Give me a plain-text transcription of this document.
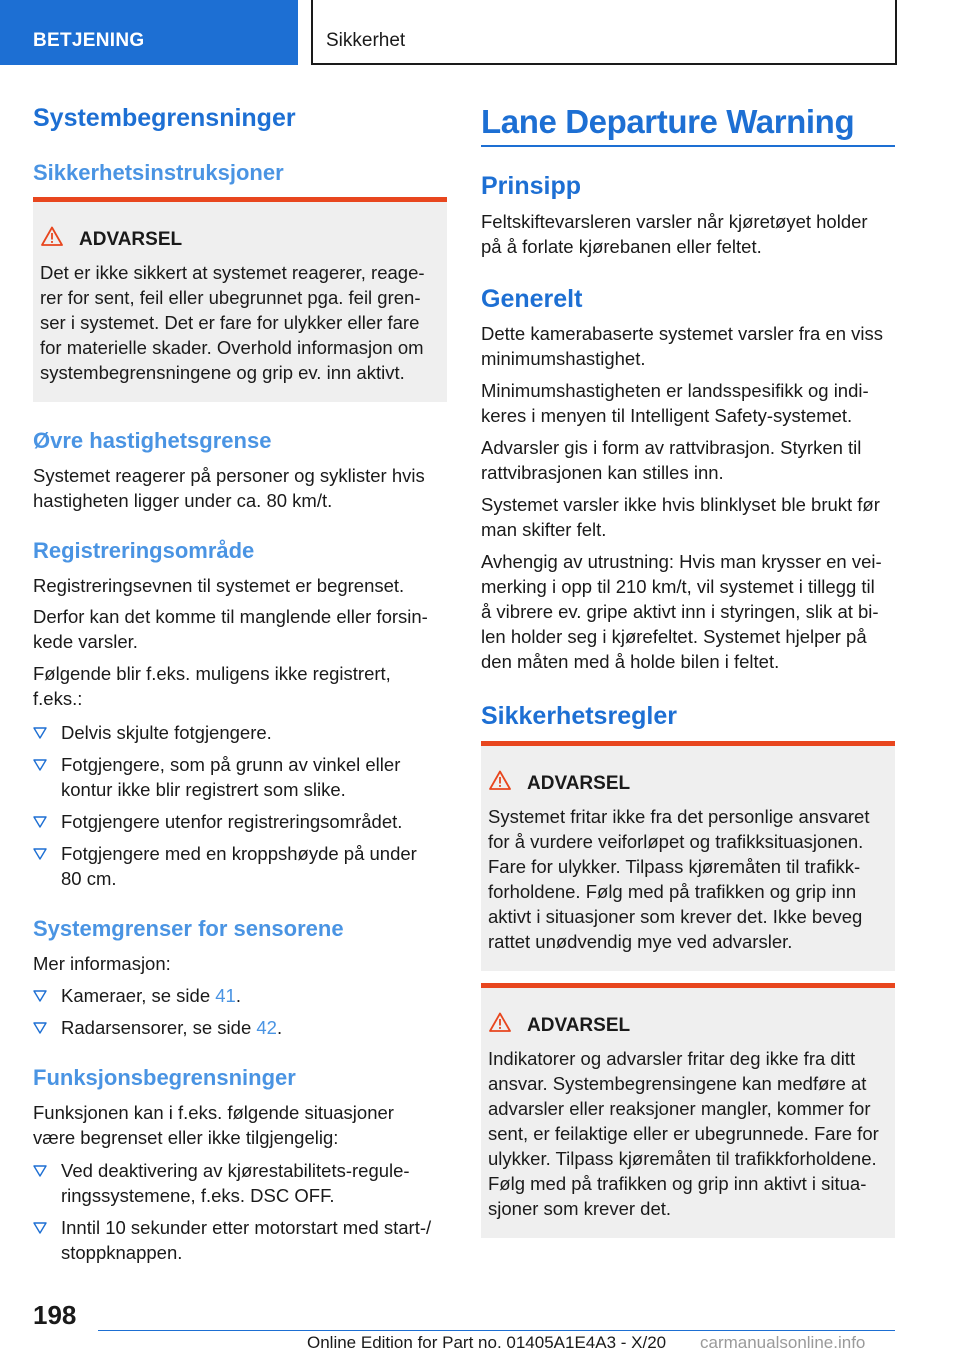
BETJENING	Sikkerhet
Systembegrensninger
Sikkerhetsinstruksjoner
ADVARSEL

Det er ikke sikkert at systemet reagerer, reage-
rer for sent, feil eller ubegrunnet pga. feil gren-
ser i systemet. Det er fare for ulykker eller fare
for materielle skader. Overhold informasjon om
systembegrensningene og grip ev. inn aktivt.

Øvre hastighetsgrense

Systemet reagerer på personer og syklister hvis
hastigheten ligger under ca. 80 km/t.

Registreringsområde

Registreringsevnen til systemet er begrenset.

Derfor kan det komme til manglende eller forsin-
kede varsler.

Følgende blir f.eks. muligens ikke registrert,
f.eks.:

Delvis skjulte fotgjengere.

Fotgjengere, som på grunn av vinkel eller
kontur ikke blir registrert som slike.

Fotgjengere utenfor registreringsområdet.

Fotgjengere med en kroppshøyde på under
80 cm.

Systemgrenser for sensorene

Mer informasjon:

Kameraer, se side 41.

Radarsensorer, se side 42.

Funksjonsbegrensninger

Funksjonen kan i f.eks. følgende situasjoner
være begrenset eller ikke tilgjengelig:

Ved deaktivering av kjørestabilitets-regule-
ringssystemene, f.eks. DSC OFF.

Inntil 10 sekunder etter motorstart med start-/
stoppknappen.

Lane Departure Warning
Prinsipp

Feltskiftevarsleren varsler når kjøretøyet holder
på å forlate kjørebanen eller feltet.

Generelt

Dette kamerabaserte systemet varsler fra en viss
minimumshastighet.

Minimumshastigheten er landsspesifikk og indi-
keres i menyen til Intelligent Safety-systemet.

Advarsler gis i form av rattvibrasjon. Styrken til
rattvibrasjonen kan stilles inn.

Systemet varsler ikke hvis blinklyset ble brukt før
man skifter felt.

Avhengig av utrustning: Hvis man krysser en vei-
merking i opp til 210 km/t, vil systemet i tillegg til
å vibrere ev. gripe aktivt inn i styringen, slik at bi-
len holder seg i kjørefeltet. Systemet hjelper på
den måten med å holde bilen i feltet.

Sikkerhetsregler
ADVARSEL

Systemet fritar ikke fra det personlige ansvaret
for å vurdere veiforløpet og trafikksituasjonen.
Fare for ulykker. Tilpass kjøremåten til trafikk-
forholdene. Følg med på trafikken og grip inn
aktivt i situasjoner som krever det. Ikke beveg
rattet unødvendig mye ved advarsler.

ADVARSEL

Indikatorer og advarsler fritar deg ikke fra ditt
ansvar. Systembegrensingene kan medføre at
advarsler eller reaksjoner mangler, kommer for
sent, er feilaktige eller er ubegrunnede. Fare for
ulykker. Tilpass kjøremåten til trafikkforholdene.
Følg med på trafikken og grip inn aktivt i situa-
sjoner som krever det.

198
Online Edition for Part no. 01405A1E4A3 - X/20 carmanualsonline.info
